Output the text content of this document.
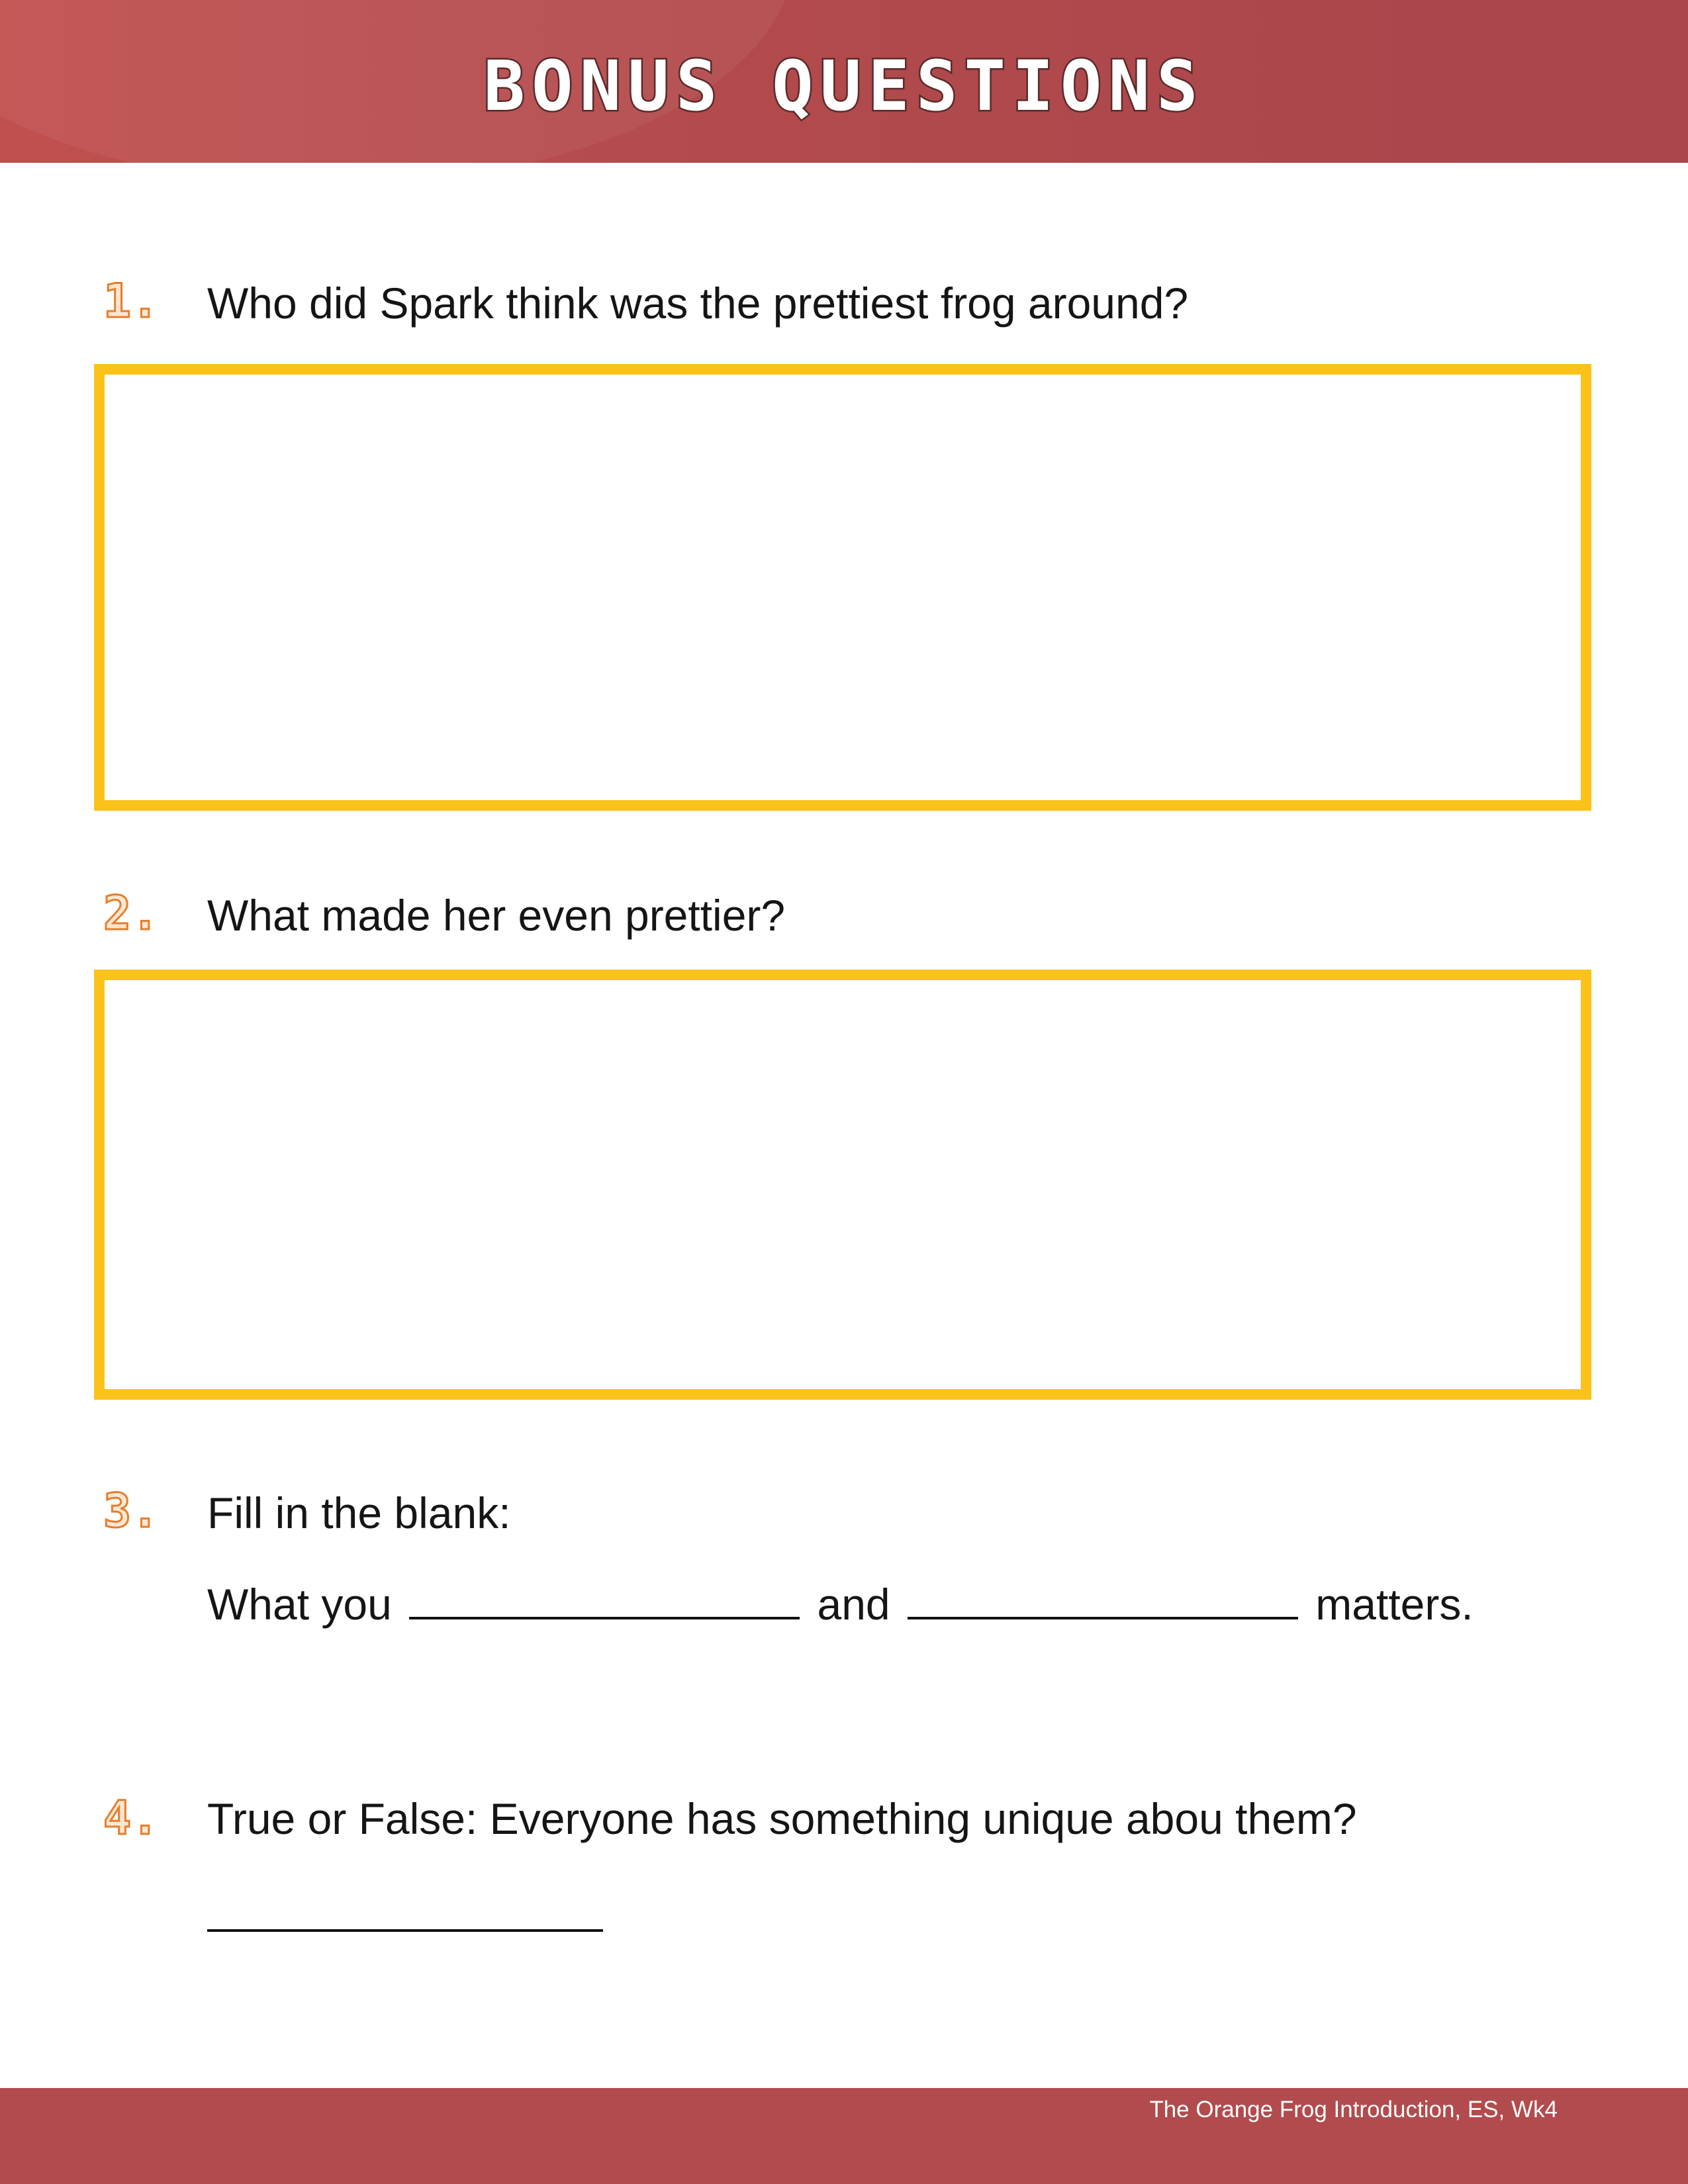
BONUS QUESTIONS
1. Who did Spark think was the prettiest frog around?
2. What made her even prettier?
3. Fill in the blank:
What you	and	matters.
4. True or False: Everyone has something unique abou them?
The Orange Frog Introduction, ES, Wk4
